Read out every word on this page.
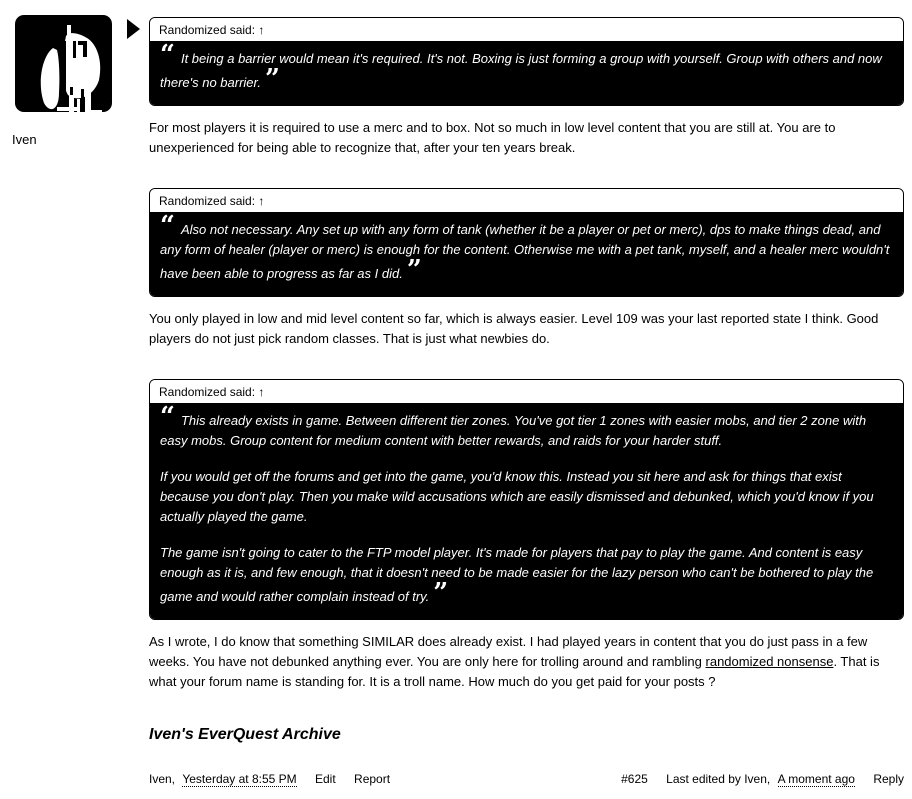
Iven
Randomized said: ↑

“ It being a barrier would mean it's required. It's not. Boxing is just forming a group with yourself. Group with others and now there's no barrier. ”

For most players it is required to use a merc and to box. Not so much in low level content that you are still at. You are to unexperienced for being able to recognize that, after your ten years break.

Randomized said: ↑

“ Also not necessary. Any set up with any form of tank (whether it be a player or pet or merc), dps to make things dead, and any form of healer (player or merc) is enough for the content. Otherwise me with a pet tank, myself, and a healer merc wouldn't have been able to progress as far as I did. ”

You only played in low and mid level content so far, which is always easier. Level 109 was your last reported state I think. Good players do not just pick random classes. That is just what newbies do.

Randomized said: ↑

“ This already exists in game. Between different tier zones. You've got tier 1 zones with easier mobs, and tier 2 zone with easy mobs. Group content for medium content with better rewards, and raids for your harder stuff.

If you would get off the forums and get into the game, you'd know this. Instead you sit here and ask for things that exist because you don't play. Then you make wild accusations which are easily dismissed and debunked, which you'd know if you actually played the game.

The game isn't going to cater to the FTP model player. It's made for players that pay to play the game. And content is easy enough as it is, and few enough, that it doesn't need to be made easier for the lazy person who can't be bothered to play the game and would rather complain instead of try. ”

As I wrote, I do know that something SIMILAR does already exist. I had played years in content that you do just pass in a few weeks. You have not debunked anything ever. You are only here for trolling around and rambling randomized nonsense. That is what your forum name is standing for. It is a troll name. How much do you get paid for your posts ?

Iven's EverQuest Archive
Iven, Yesterday at 8:55 PM Edit Report	#625 Last edited by Iven, A moment ago Reply
